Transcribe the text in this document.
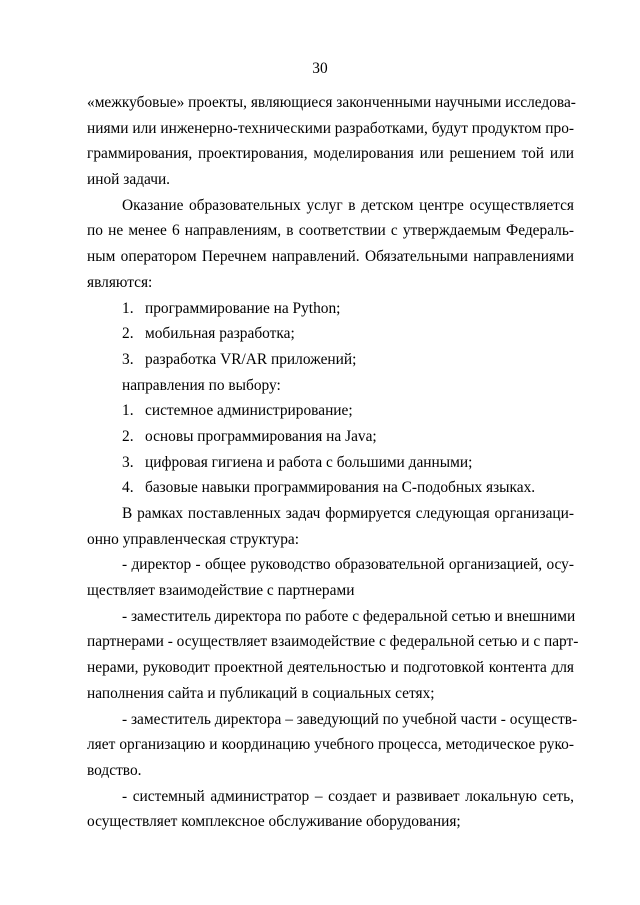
30
«межкубовые» проекты, являющиеся законченными научными исследова-
ниями или инженерно-техническими разработками, будут продуктом про-
граммирования, проектирования, моделирования или решением той или
иной задачи.
Оказание образовательных услуг в детском центре осуществляется
по не менее 6 направлениям, в соответствии с утверждаемым Федераль-
ным оператором Перечнем направлений. Обязательными направлениями
являются:
1. программирование на Python;
2. мобильная разработка;
3. разработка VR/AR приложений;
направления по выбору:
1. системное администрирование;
2. основы программирования на Java;
3. цифровая гигиена и работа с большими данными;
4. базовые навыки программирования на С-подобных языках.
В рамках поставленных задач формируется следующая организаци-
онно управленческая структура:
- директор - общее руководство образовательной организацией, осу-
ществляет взаимодействие с партнерами
- заместитель директора по работе с федеральной сетью и внешними
партнерами - осуществляет взаимодействие с федеральной сетью и с парт-
нерами, руководит проектной деятельностью и подготовкой контента для
наполнения сайта и публикаций в социальных сетях;
- заместитель директора – заведующий по учебной части - осуществ-
ляет организацию и координацию учебного процесса, методическое руко-
водство.
- системный администратор – создает и развивает локальную сеть,
осуществляет комплексное обслуживание оборудования;
